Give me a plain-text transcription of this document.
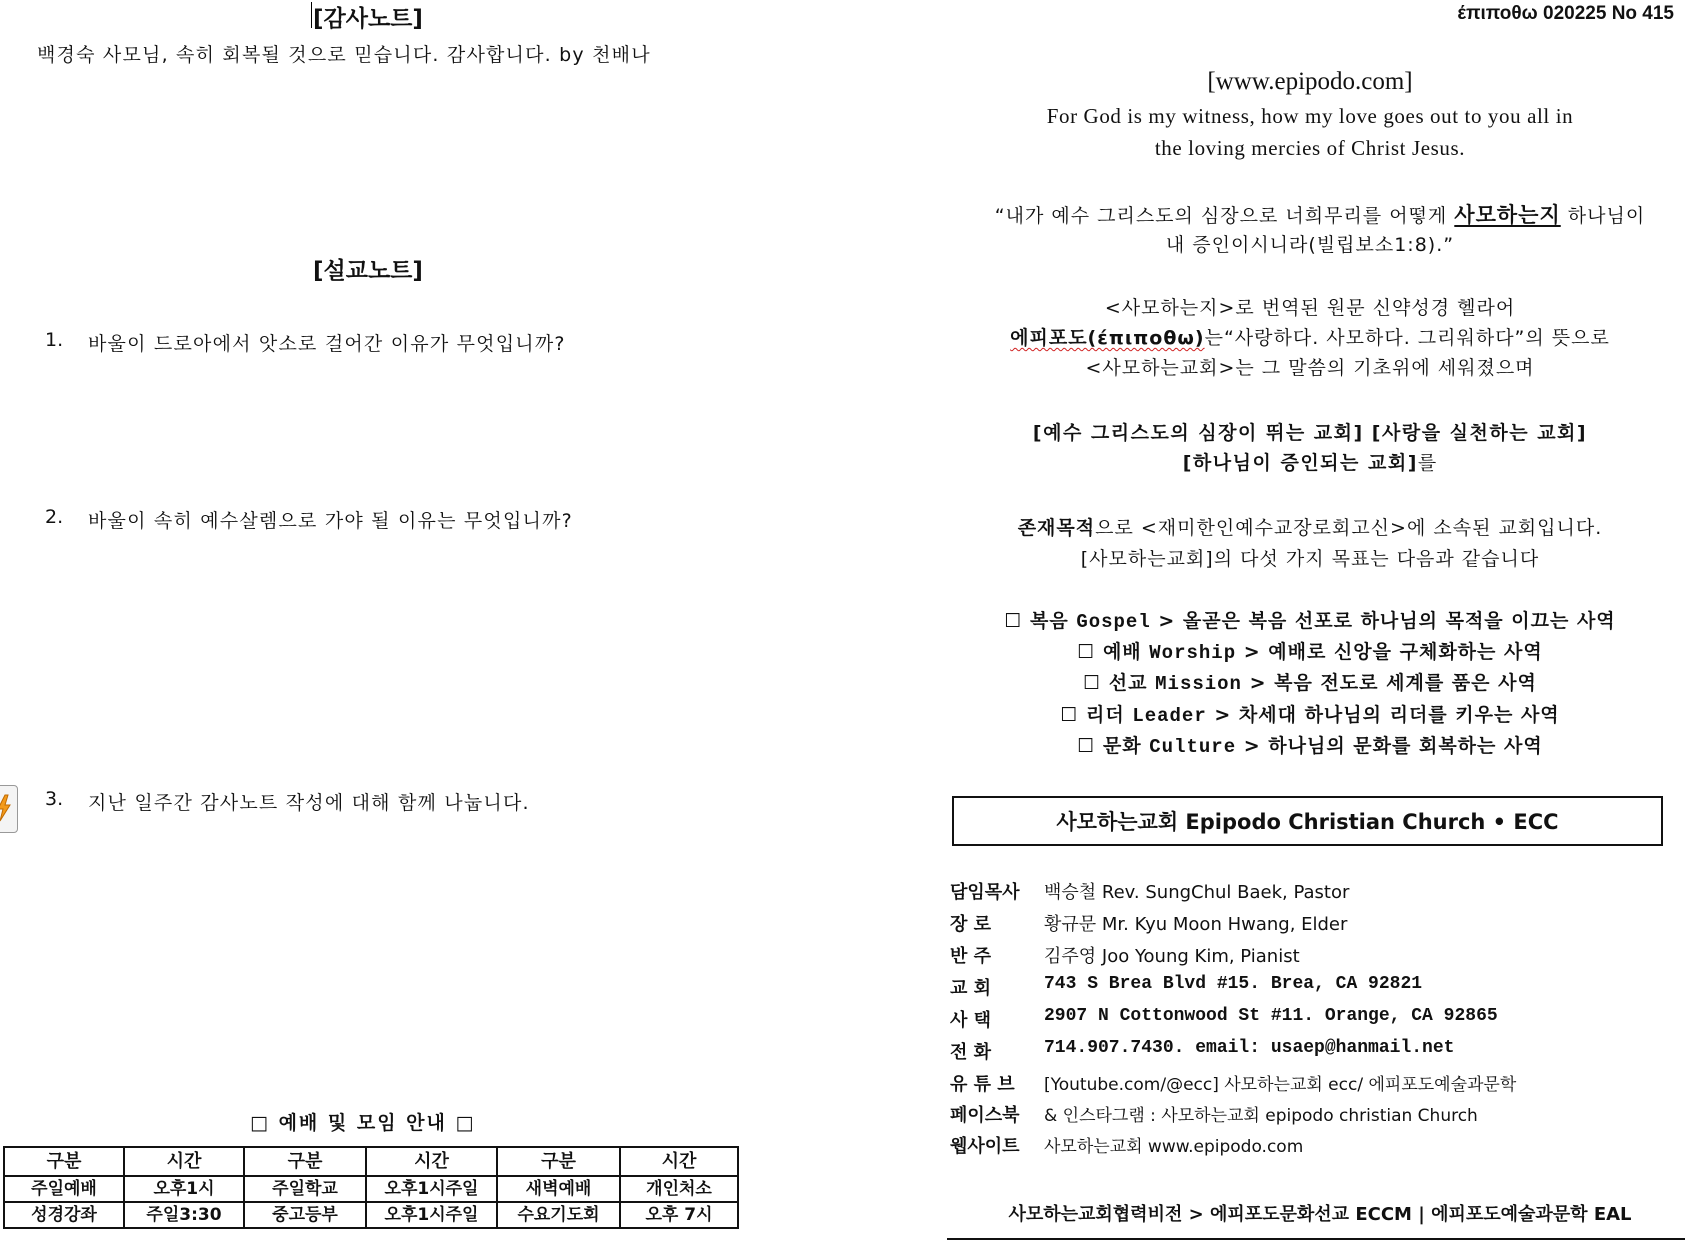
[감사노트]
백경숙 사모님, 속히 회복될 것으로 믿습니다. 감사합니다. by 천배나
[설교노트]
1. 바울이 드로아에서 앗소로 걸어간 이유가 무엇입니까?
2. 바울이 속히 예수살렘으로 가야 될 이유는 무엇입니까?
3. 지난 일주간 감사노트 작성에 대해 함께 나눕니다.
□ 예배 및 모임 안내 □
구분	시간	구분	시간	구분	시간
주일예배	오후1시	주일학교	오후1시주일	새벽예배	개인처소
성경강좌	주일3:30	중고등부	오후1시주일	수요기도회	오후 7시
έπιποθω 020225 No 415
[www.epipodo.com]
For God is my witness, how my love goes out to you all in
the loving mercies of Christ Jesus.
“내가 예수 그리스도의 심장으로 너희무리를 어떻게 사모하는지 하나님이
내 증인이시니라(빌립보소1:8).”
<사모하는지>로 번역된 원문 신약성경 헬라어
에피포도(έπιποθω)는“사랑하다. 사모하다. 그리워하다”의 뜻으로
<사모하는교회>는 그 말씀의 기초위에 세워졌으며
[예수 그리스도의 심장이 뛰는 교회] [사랑을 실천하는 교회]
[하나님이 증인되는 교회]를
존재목적으로 <재미한인예수교장로회고신>에 소속된 교회입니다.
[사모하는교회]의 다섯 가지 목표는 다음과 같습니다
☐ 복음 Gospel > 올곧은 복음 선포로 하나님의 목적을 이끄는 사역
☐ 예배 Worship > 예배로 신앙을 구체화하는 사역
☐ 선교 Mission > 복음 전도로 세계를 품은 사역
☐ 리더 Leader > 차세대 하나님의 리더를 키우는 사역
☐ 문화 Culture > 하나님의 문화를 회복하는 사역
사모하는교회 Epipodo Christian Church • ECC
담임목사	백승철 Rev. SungChul Baek, Pastor
장 로	황규문 Mr. Kyu Moon Hwang, Elder
반 주	김주영 Joo Young Kim, Pianist
교 회	743 S Brea Blvd #15. Brea, CA 92821
사 택	2907 N Cottonwood St #11. Orange, CA 92865
전 화	714.907.7430. email: usaep@hanmail.net
유 튜 브	[Youtube.com/@ecc] 사모하는교회 ecc/ 에피포도예술과문학
페이스북	& 인스타그램 : 사모하는교회 epipodo christian Church
웹사이트	사모하는교회 www.epipodo.com
사모하는교회협력비전 > 에피포도문화선교 ECCM | 에피포도예술과문학 EAL
